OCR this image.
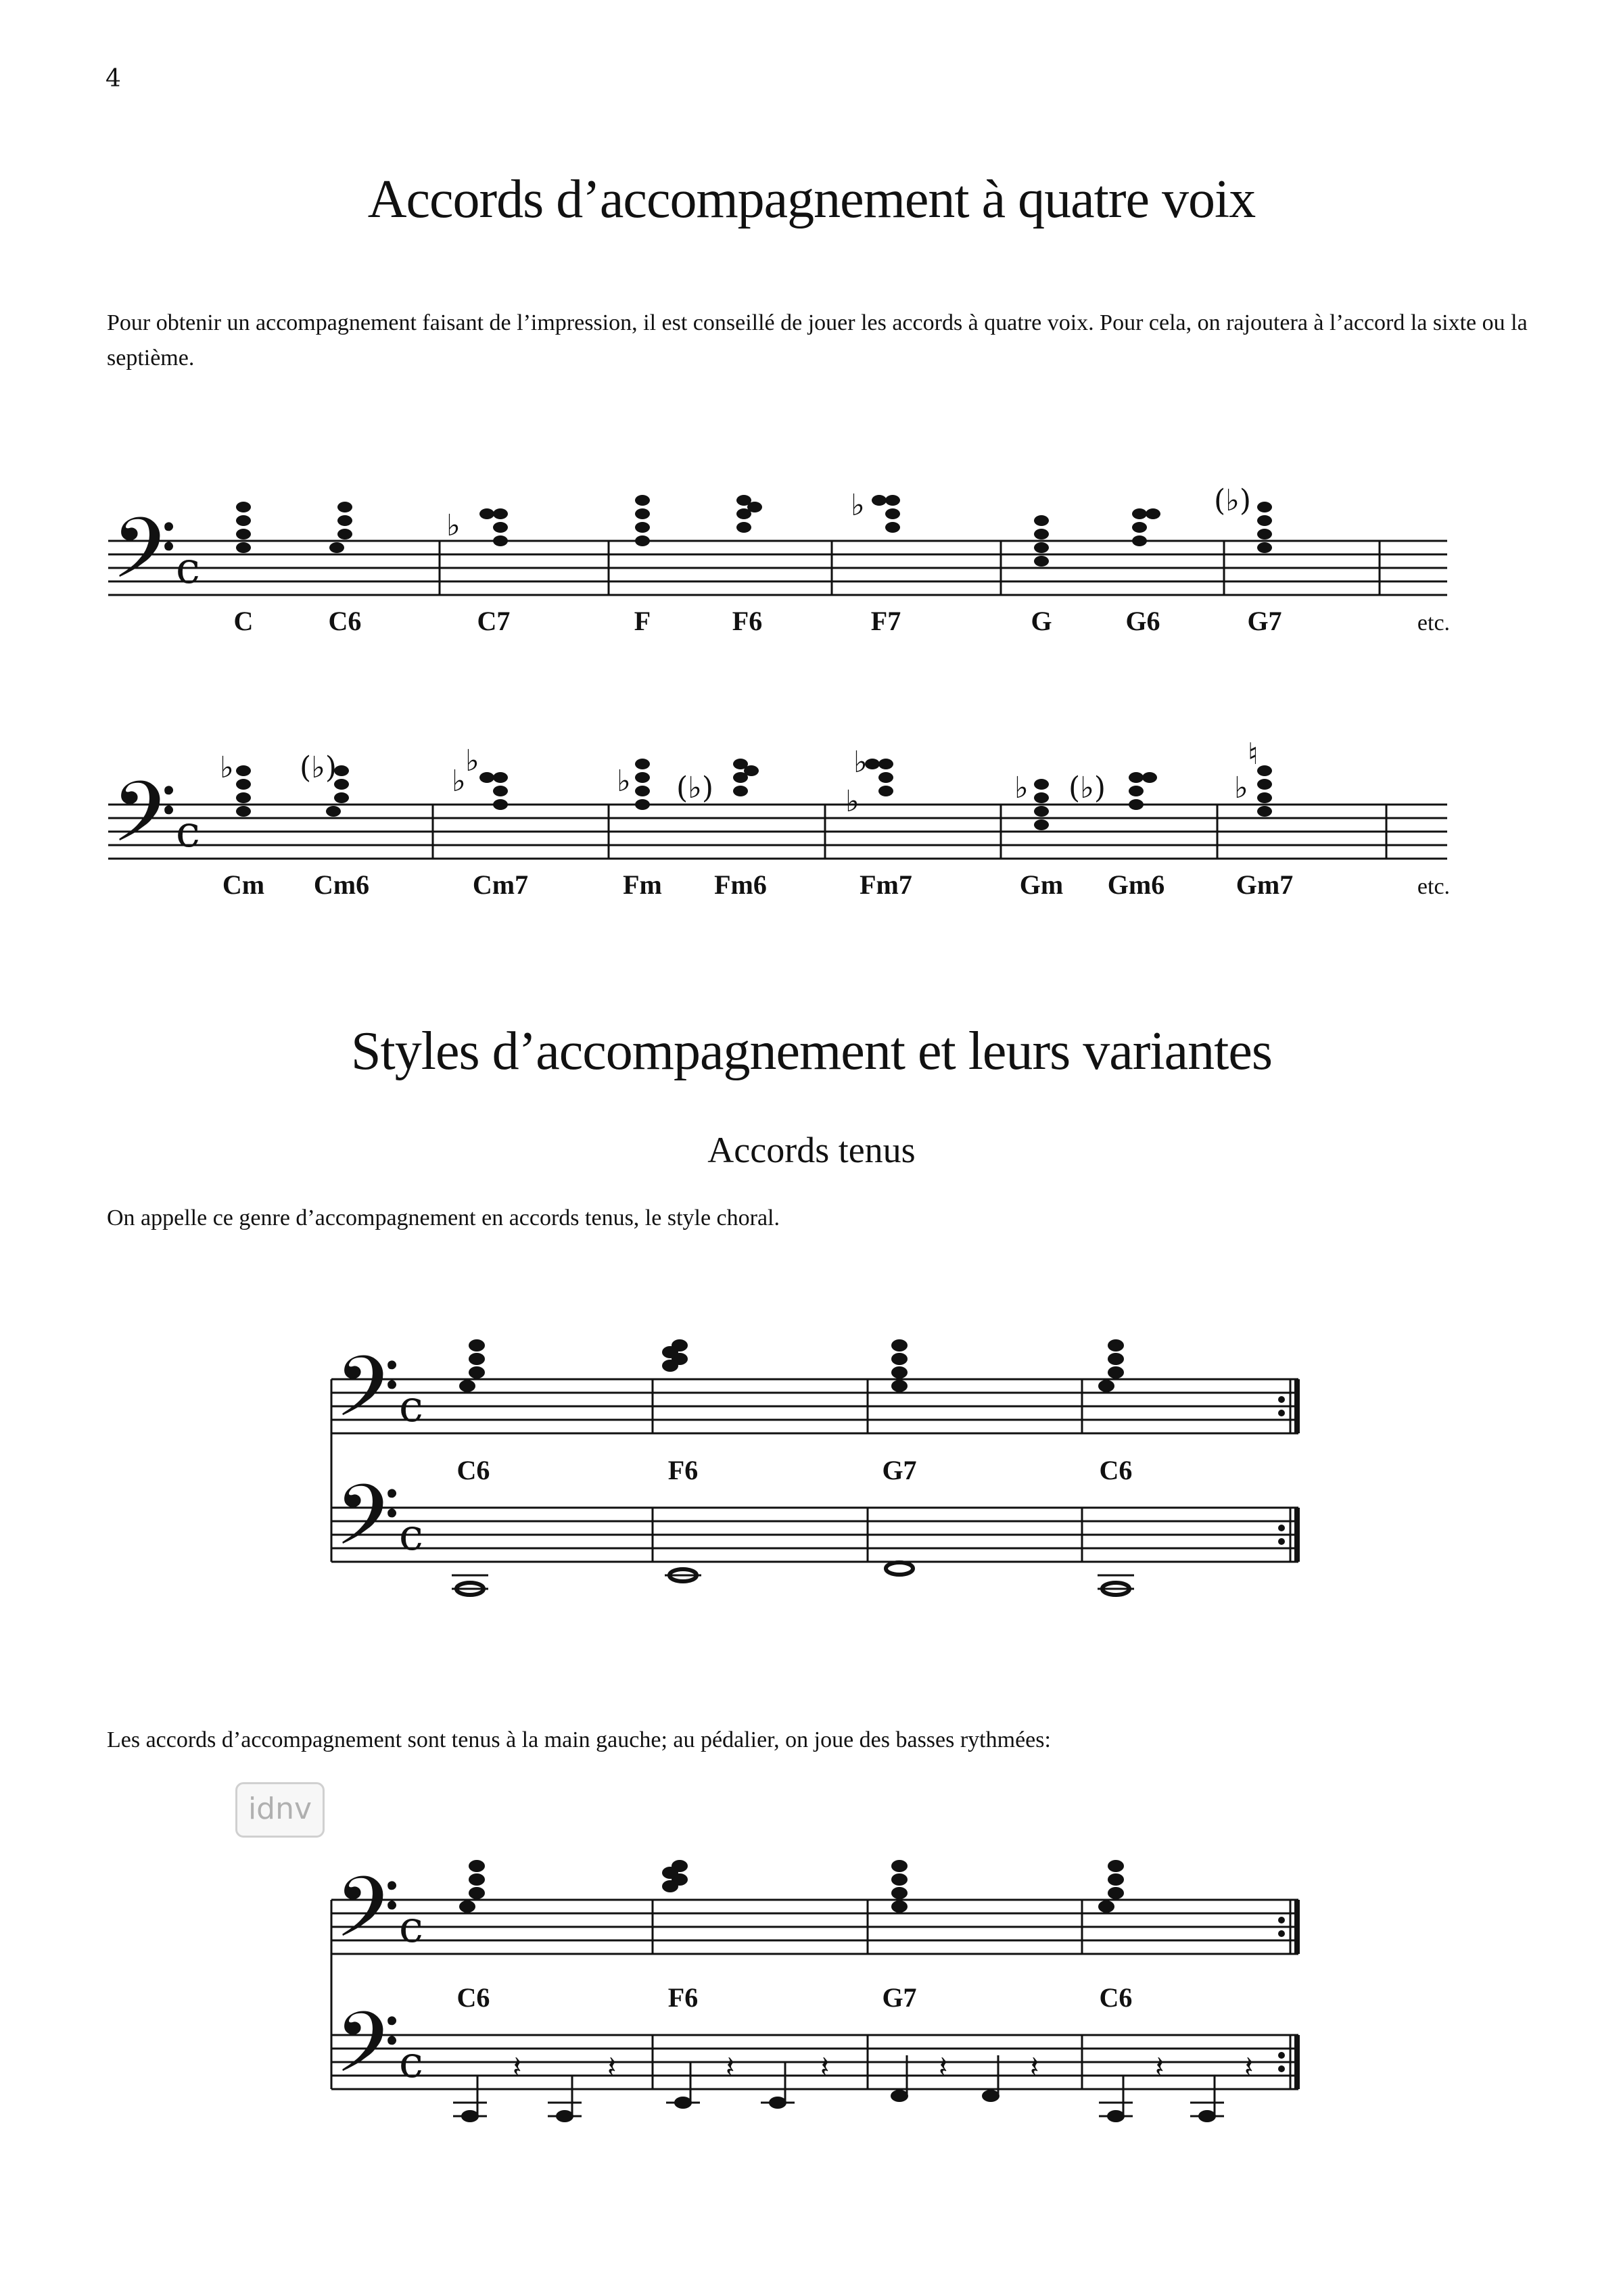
4
Accords d’accompagnement à quatre voix
Pour obtenir un accompagnement faisant de l’impression, il est conseillé de jouer les accords à quatre voix. Pour cela, on rajoutera à l’accord la sixte ou la septième.
𝄢
c
♭
♭	(♭)
C	C6	C7	F	F6	F7	G	G6	G7	etc.
𝄢
c
♭ (♭)	♭
♭
♭ (♭)	♭
♭
♭ (♭)	♭
♮
Cm Cm6	Cm7	Fm Fm6	Fm7	Gm Gm6	Gm7	etc.
Styles d’accompagnement et leurs variantes
Accords tenus
On appelle ce genre d’accompagnement en accords tenus, le style choral.
𝄢
c
𝄢
c
C6	F6	G7	C6
Les accords d’accompagnement sont tenus à la main gauche; au pédalier, on joue des basses rythmées:
idnv
𝄢
c
𝄢
c	𝄽	𝄽	𝄽	𝄽	𝄽	𝄽	𝄽	𝄽
C6	F6	G7	C6
